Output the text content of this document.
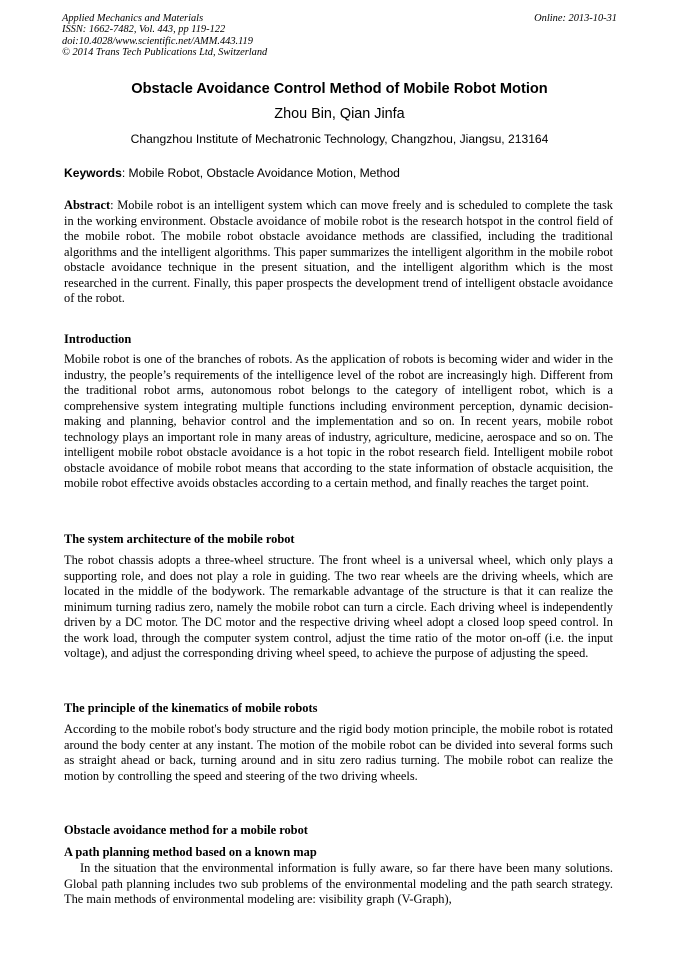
Applied Mechanics and Materials
ISSN: 1662-7482, Vol. 443, pp 119-122
doi:10.4028/www.scientific.net/AMM.443.119
© 2014 Trans Tech Publications Ltd, Switzerland
Online: 2013-10-31
Obstacle Avoidance Control Method of Mobile Robot Motion
Zhou Bin, Qian Jinfa
Changzhou Institute of Mechatronic Technology, Changzhou, Jiangsu, 213164
Keywords: Mobile Robot, Obstacle Avoidance Motion, Method
Abstract: Mobile robot is an intelligent system which can move freely and is scheduled to complete the task in the working environment. Obstacle avoidance of mobile robot is the research hotspot in the control field of the mobile robot. The mobile robot obstacle avoidance methods are classified, including the traditional algorithms and the intelligent algorithms. This paper summarizes the intelligent algorithm in the mobile robot obstacle avoidance technique in the present situation, and the intelligent algorithm which is the most researched in the current. Finally, this paper prospects the development trend of intelligent obstacle avoidance of the robot.
Introduction
Mobile robot is one of the branches of robots. As the application of robots is becoming wider and wider in the industry, the people’s requirements of the intelligence level of the robot are increasingly high. Different from the traditional robot arms, autonomous robot belongs to the category of intelligent robot, which is a comprehensive system integrating multiple functions including environment perception, dynamic decision-making and planning, behavior control and the implementation and so on. In recent years, mobile robot technology plays an important role in many areas of industry, agriculture, medicine, aerospace and so on. The intelligent mobile robot obstacle avoidance is a hot topic in the robot research field. Intelligent mobile robot obstacle avoidance of mobile robot means that according to the state information of obstacle acquisition, the mobile robot effective avoids obstacles according to a certain method, and finally reaches the target point.
The system architecture of the mobile robot
The robot chassis adopts a three-wheel structure. The front wheel is a universal wheel, which only plays a supporting role, and does not play a role in guiding. The two rear wheels are the driving wheels, which are located in the middle of the bodywork. The remarkable advantage of the structure is that it can realize the minimum turning radius zero, namely the mobile robot can turn a circle. Each driving wheel is independently driven by a DC motor. The DC motor and the respective driving wheel adopt a closed loop speed control. In the work load, through the computer system control, adjust the time ratio of the motor on-off (i.e. the input voltage), and adjust the corresponding driving wheel speed, to achieve the purpose of adjusting the speed.
The principle of the kinematics of mobile robots
According to the mobile robot's body structure and the rigid body motion principle, the mobile robot is rotated around the body center at any instant. The motion of the mobile robot can be divided into several forms such as straight ahead or back, turning around and in situ zero radius turning. The mobile robot can realize the motion by controlling the speed and steering of the two driving wheels.
Obstacle avoidance method for a mobile robot
A path planning method based on a known map
In the situation that the environmental information is fully aware, so far there have been many solutions. Global path planning includes two sub problems of the environmental modeling and the path search strategy. The main methods of environmental modeling are: visibility graph (V-Graph),
